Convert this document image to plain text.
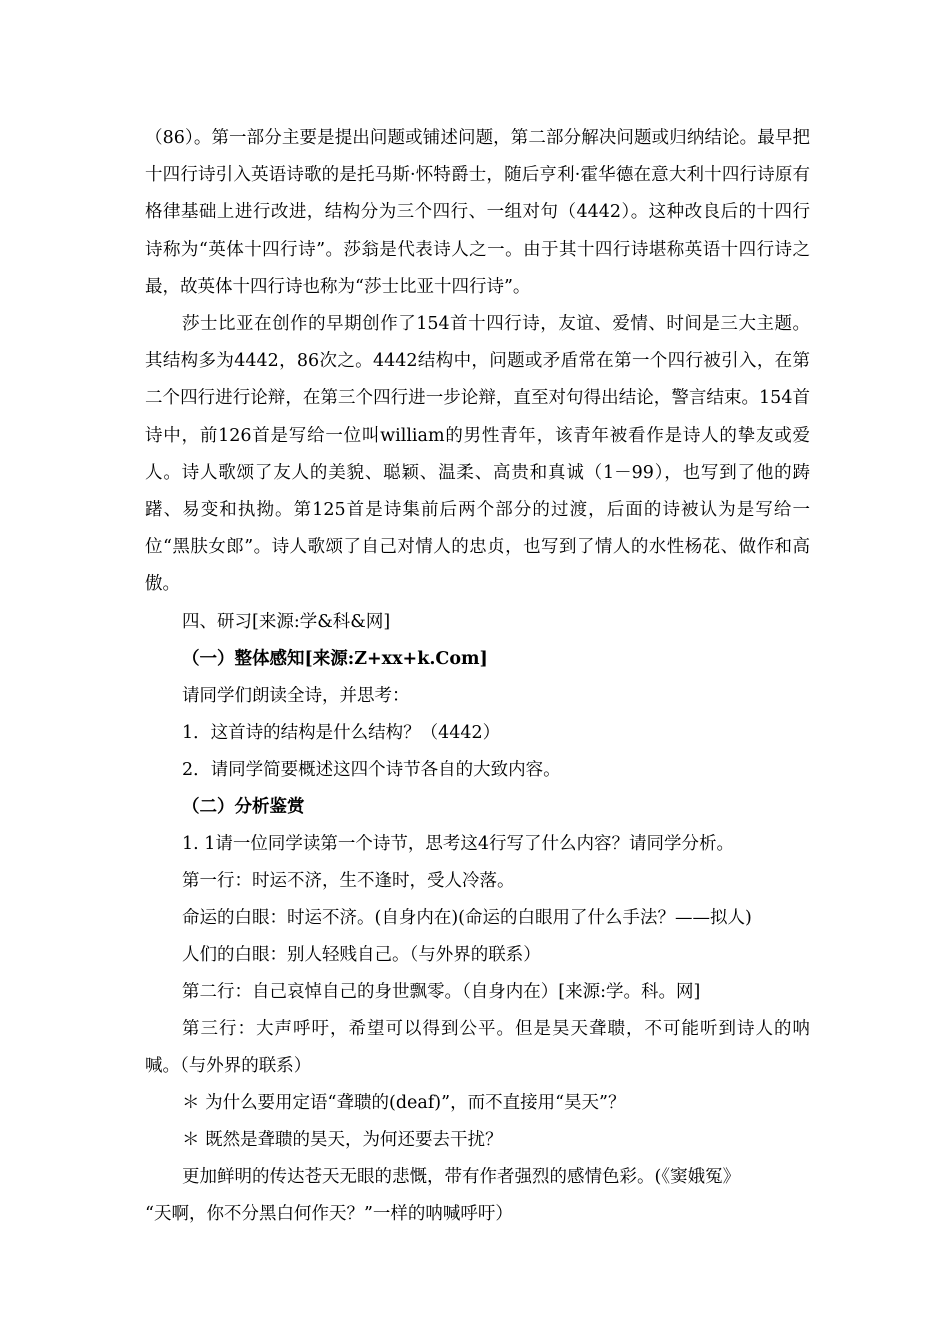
（86）。第一部分主要是提出问题或铺述问题，第二部分解决问题或归纳结论。最早把十四行诗引入英语诗歌的是托马斯·怀特爵士，随后亨利·霍华德在意大利十四行诗原有格律基础上进行改进，结构分为三个四行、一组对句（4442）。这种改良后的十四行诗称为“英体十四行诗”。莎翁是代表诗人之一。由于其十四行诗堪称英语十四行诗之最，故英体十四行诗也称为“莎士比亚十四行诗”。

莎士比亚在创作的早期创作了154首十四行诗，友谊、爱情、时间是三大主题。其结构多为4442，86次之。4442结构中，问题或矛盾常在第一个四行被引入，在第二个四行进行论辩，在第三个四行进一步论辩，直至对句得出结论，警言结束。154首诗中，前126首是写给一位叫william的男性青年，该青年被看作是诗人的挚友或爱人。诗人歌颂了友人的美貌、聪颖、温柔、高贵和真诚（1－99），也写到了他的踌躇、易变和执拗。第125首是诗集前后两个部分的过渡，后面的诗被认为是写给一位“黑肤女郎”。诗人歌颂了自己对情人的忠贞，也写到了情人的水性杨花、做作和高傲。

四、研习[来源:学&科&网]

（一）整体感知[来源:Z+xx+k.Com]

请同学们朗读全诗，并思考：

1．这首诗的结构是什么结构？（4442）

2．请同学简要概述这四个诗节各自的大致内容。

（二）分析鉴赏

1. 1请一位同学读第一个诗节，思考这4行写了什么内容？请同学分析。

第一行：时运不济，生不逢时，受人冷落。

命运的白眼：时运不济。(自身内在)(命运的白眼用了什么手法？——拟人)

人们的白眼：别人轻贱自己。（与外界的联系）

第二行：自己哀悼自己的身世飘零。（自身内在）[来源:学。科。网]

第三行：大声呼吁，希望可以得到公平。但是昊天聋聩，不可能听到诗人的呐喊。（与外界的联系）

＊ 为什么要用定语“聋聩的(deaf)”，而不直接用“昊天”？

＊ 既然是聋聩的昊天，为何还要去干扰？

更加鲜明的传达苍天无眼的悲慨，带有作者强烈的感情色彩。(《窦娥冤》

“天啊，你不分黑白何作天？”一样的呐喊呼吁）
